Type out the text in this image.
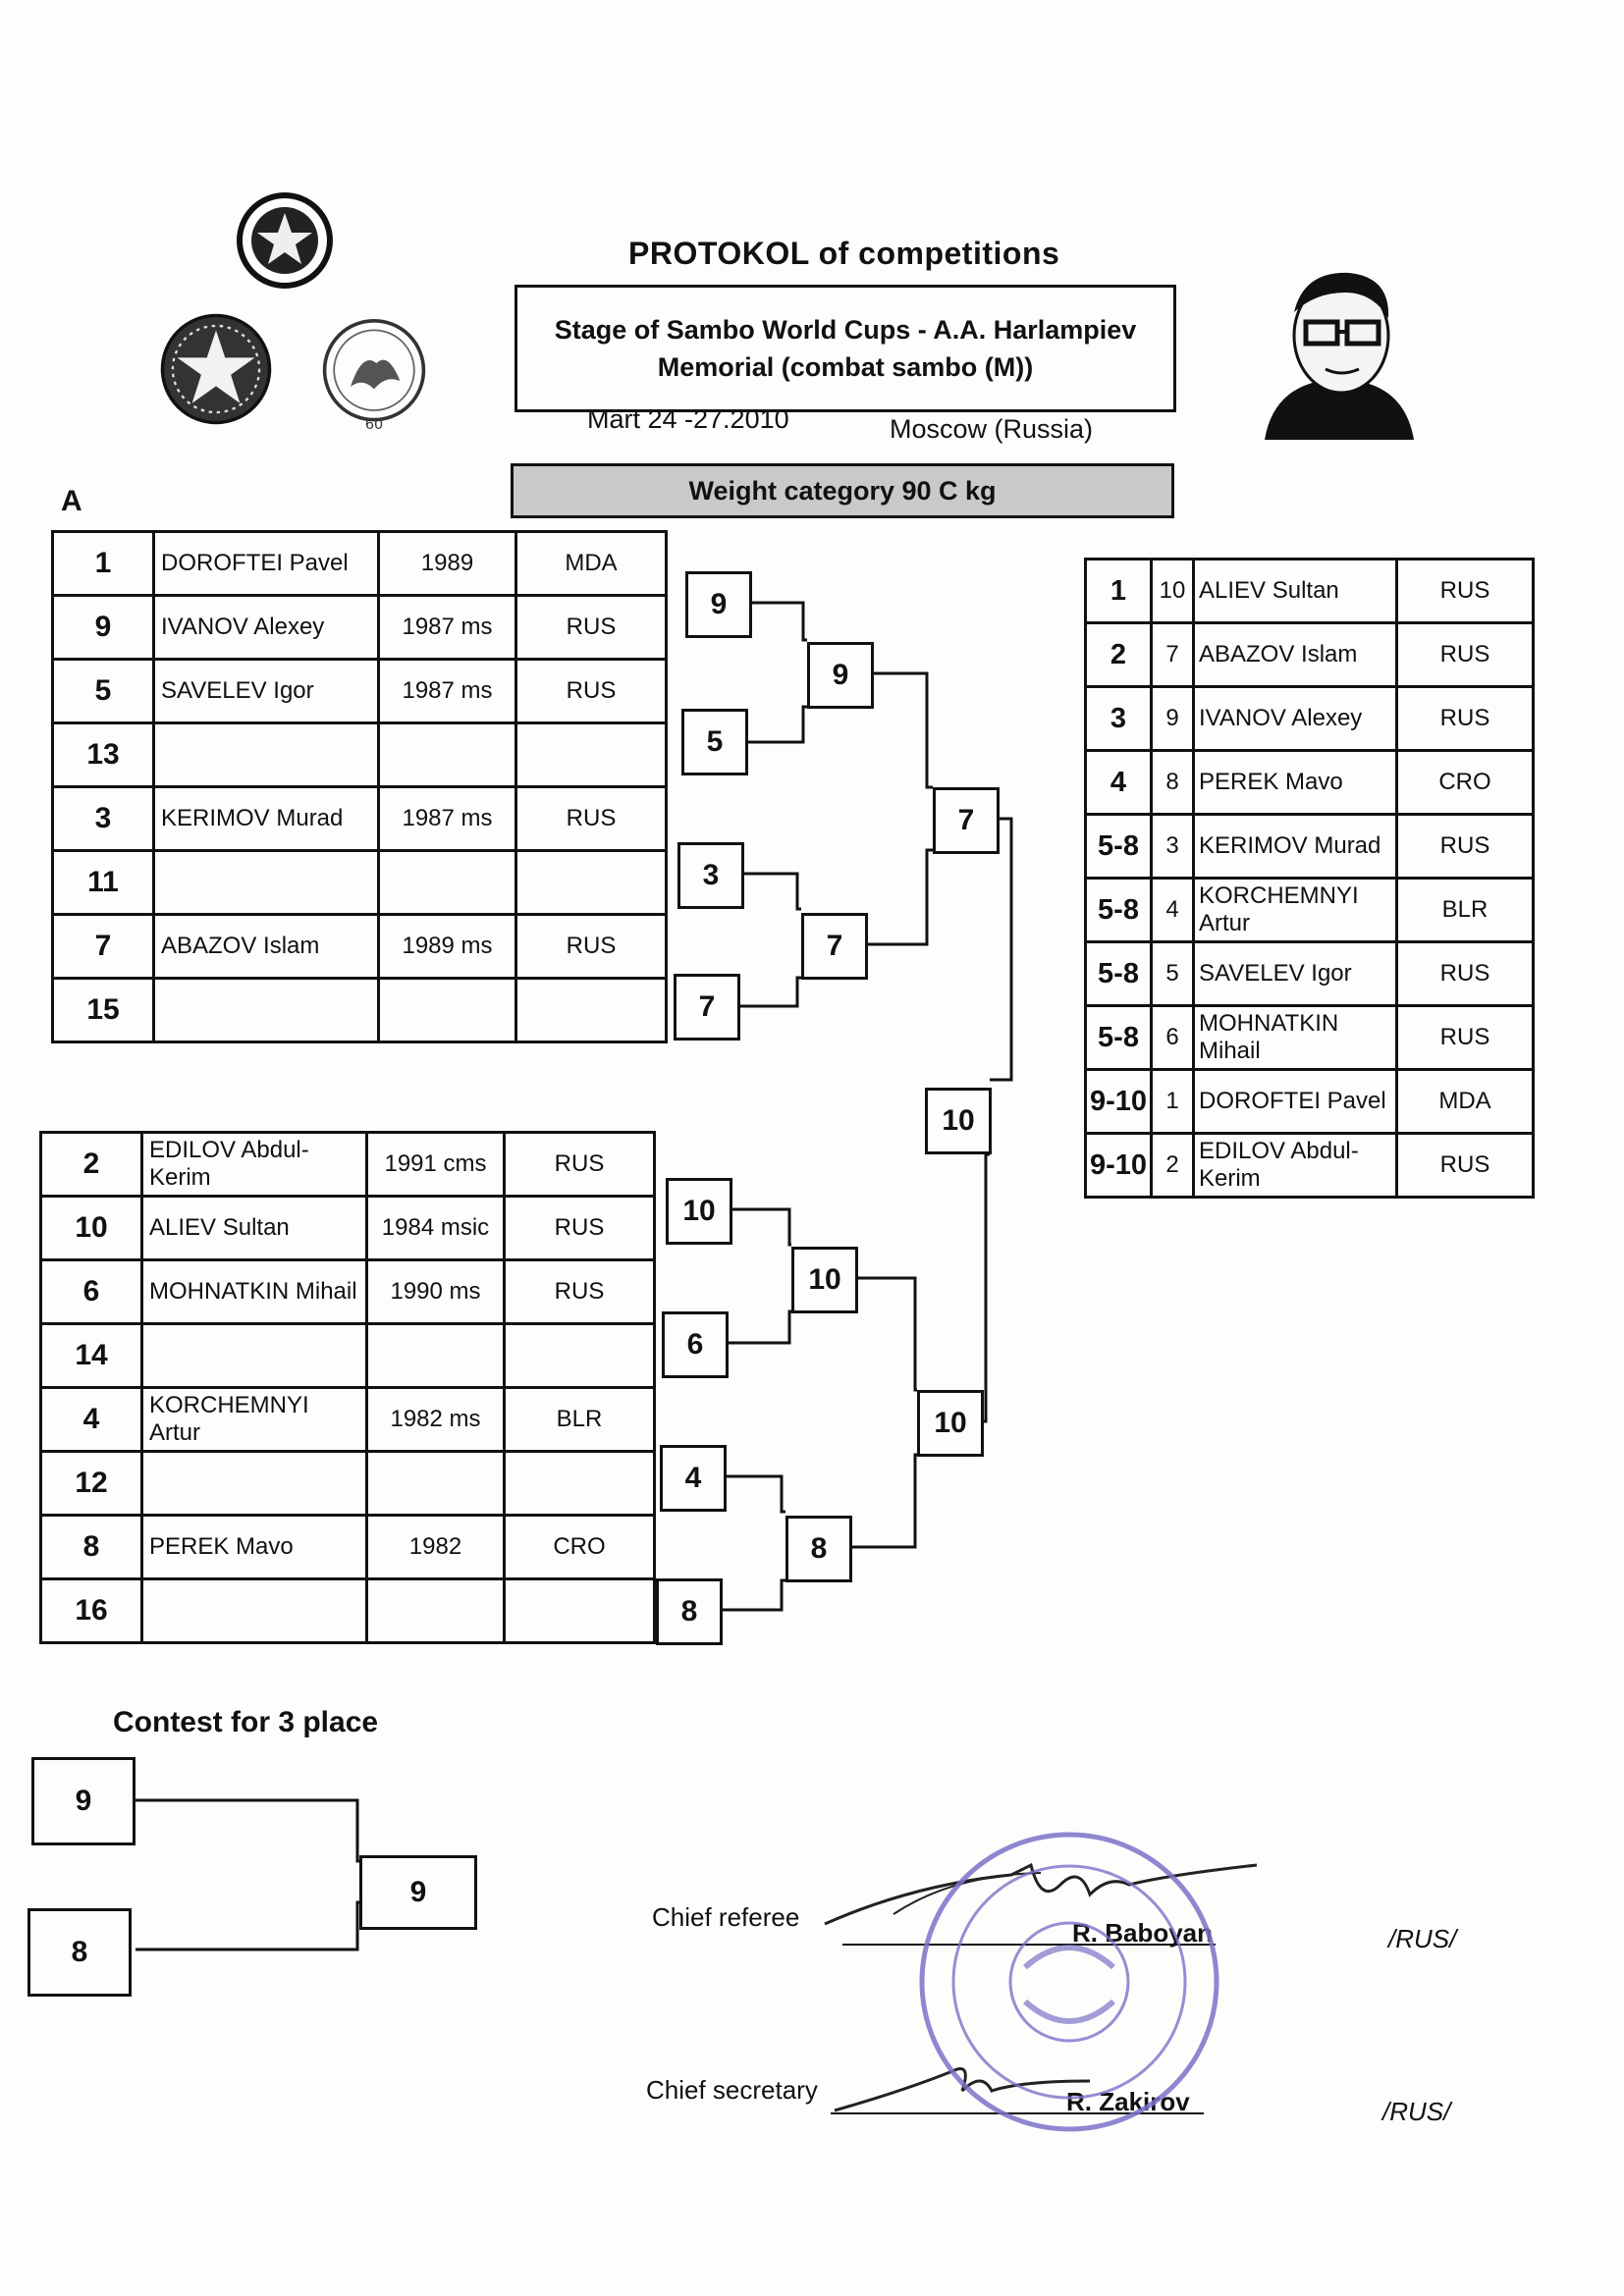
60
PROTOKOL of competitions
Stage of Sambo World Cups - A.A. Harlampiev
Memorial (combat sambo (M))
Mart 24 -27.2010	Moscow (Russia)
Weight category 90 C kg
A
1	DOROFTEI Pavel	1989	MDA
9	IVANOV Alexey	1987 ms	RUS
5	SAVELEV Igor	1987 ms	RUS
13			
3	KERIMOV Murad	1987 ms	RUS
11			
7	ABAZOV Islam	1989 ms	RUS
15			
2	EDILOV Abdul-Kerim	1991 cms	RUS
10	ALIEV Sultan	1984 msic	RUS
6	MOHNATKIN Mihail	1990 ms	RUS
14			
4	KORCHEMNYI Artur	1982 ms	BLR
12			
8	PEREK Mavo	1982	CRO
16			
9
5
3
7
10
6
4
8
9
7
10
8
7
10
10
1	10	ALIEV Sultan	RUS
2	7	ABAZOV Islam	RUS
3	9	IVANOV Alexey	RUS
4	8	PEREK Mavo	CRO
5-8	3	KERIMOV Murad	RUS
5-8	4	KORCHEMNYI Artur	BLR
5-8	5	SAVELEV Igor	RUS
5-8	6	MOHNATKIN Mihail	RUS
9-10	1	DOROFTEI Pavel	MDA
9-10	2	EDILOV Abdul-Kerim	RUS
Contest for 3 place
9
8
9
Chief referee
R. Baboyan	/RUS/
Chief secretary	R. Zakirov	/RUS/
